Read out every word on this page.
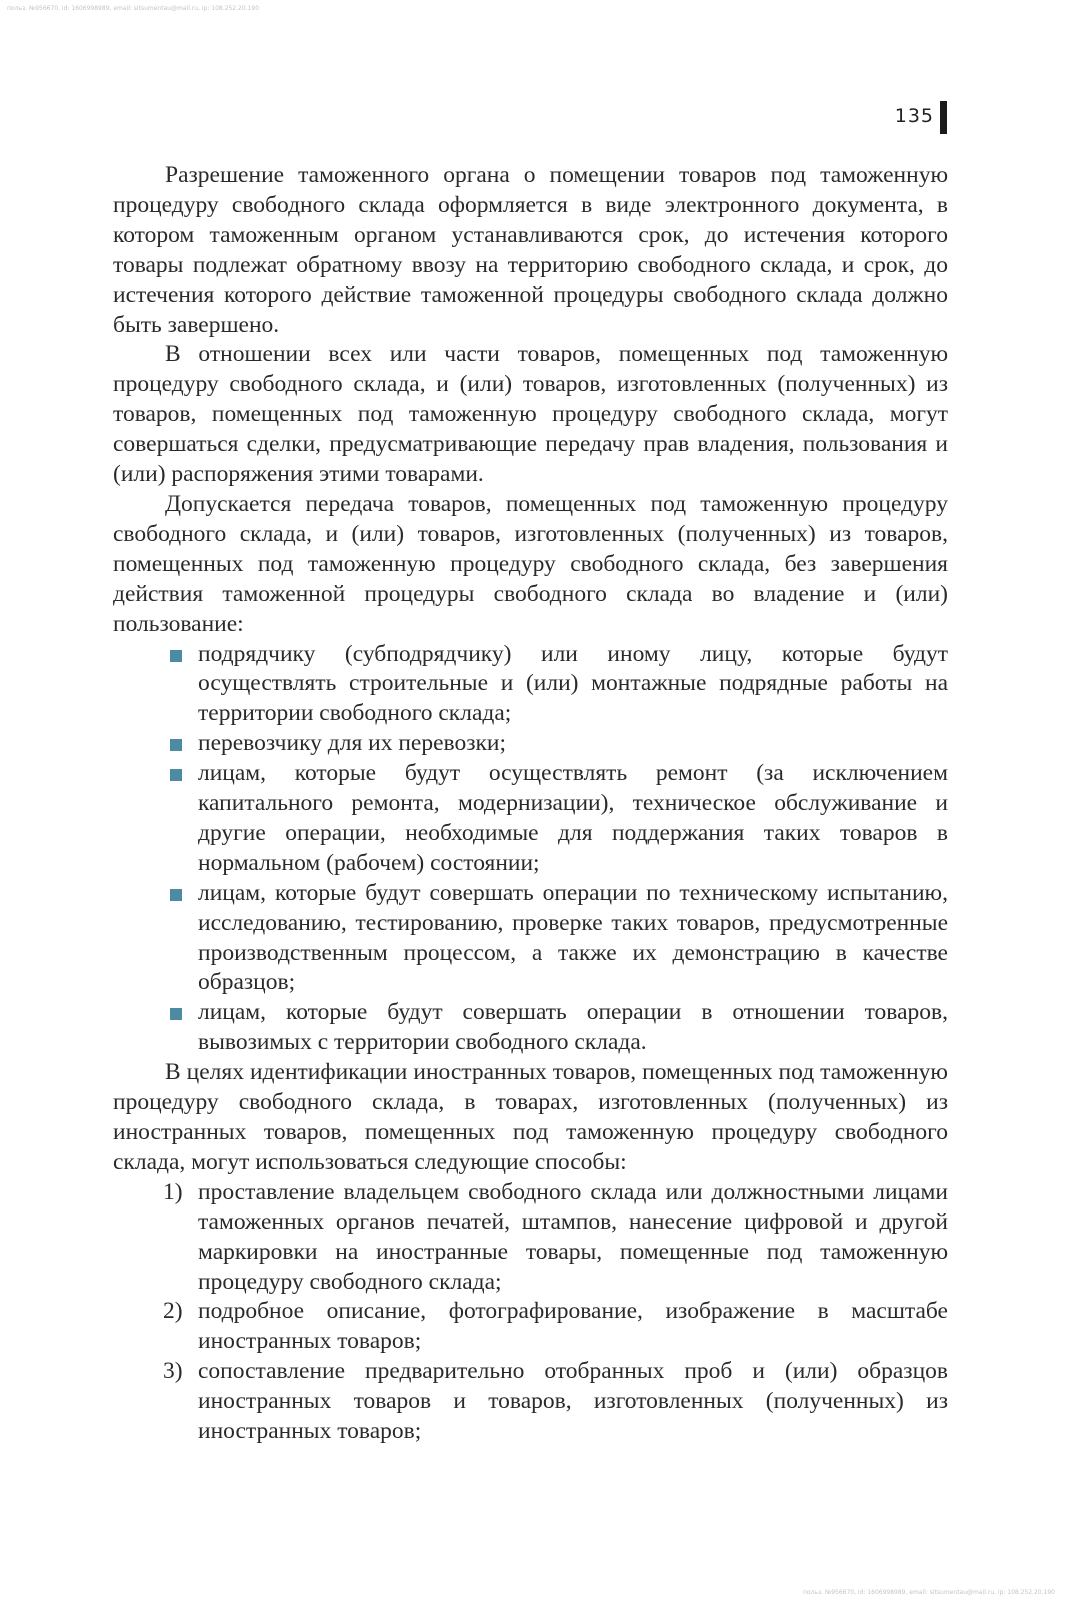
польз. №956670, id: 1606998989, email: sitsumentau@mail.ru, ip: 108.252.20.190
135

Разрешение таможенного органа о помещении товаров под таможенную процедуру свободного склада оформляется в виде электронного документа, в котором таможенным органом устанавливаются срок, до истечения которого товары подлежат обратному ввозу на территорию свободного склада, и срок, до истечения которого действие таможенной процедуры свободного склада должно быть завершено.

В отношении всех или части товаров, помещенных под таможенную процедуру свободного склада, и (или) товаров, изготовленных (полученных) из товаров, помещенных под таможенную процедуру свободного склада, могут совершаться сделки, предусматривающие передачу прав владения, пользования и (или) распоряжения этими товарами.

Допускается передача товаров, помещенных под таможенную процедуру свободного склада, и (или) товаров, изготовленных (полученных) из товаров, помещенных под таможенную процедуру свободного склада, без завершения действия таможенной процедуры свободного склада во владение и (или) пользование:

подрядчику (субподрядчику) или иному лицу, которые будут осуществлять строительные и (или) монтажные подрядные работы на территории свободного склада;
перевозчику для их перевозки;
лицам, которые будут осуществлять ремонт (за исключением капитального ремонта, модернизации), техническое обслуживание и другие операции, необходимые для поддержания таких товаров в нормальном (рабочем) состоянии;
лицам, которые будут совершать операции по техническому испытанию, исследованию, тестированию, проверке таких товаров, предусмотренные производственным процессом, а также их демонстрацию в качестве образцов;
лицам, которые будут совершать операции в отношении товаров, вывозимых с территории свободного склада.

В целях идентификации иностранных товаров, помещенных под таможенную процедуру свободного склада, в товарах, изготовленных (полученных) из иностранных товаров, помещенных под таможенную процедуру свободного склада, могут использоваться следующие способы:

1) проставление владельцем свободного склада или должностными лицами таможенных органов печатей, штампов, нанесение цифровой и другой маркировки на иностранные товары, помещенные под таможенную процедуру свободного склада;
2) подробное описание, фотографирование, изображение в масштабе иностранных товаров;
3) сопоставление предварительно отобранных проб и (или) образцов иностранных товаров и товаров, изготовленных (полученных) из иностранных товаров;
польз. №956670, id: 1606998989, email: sitsumentau@mail.ru, ip: 108.252.20.190
